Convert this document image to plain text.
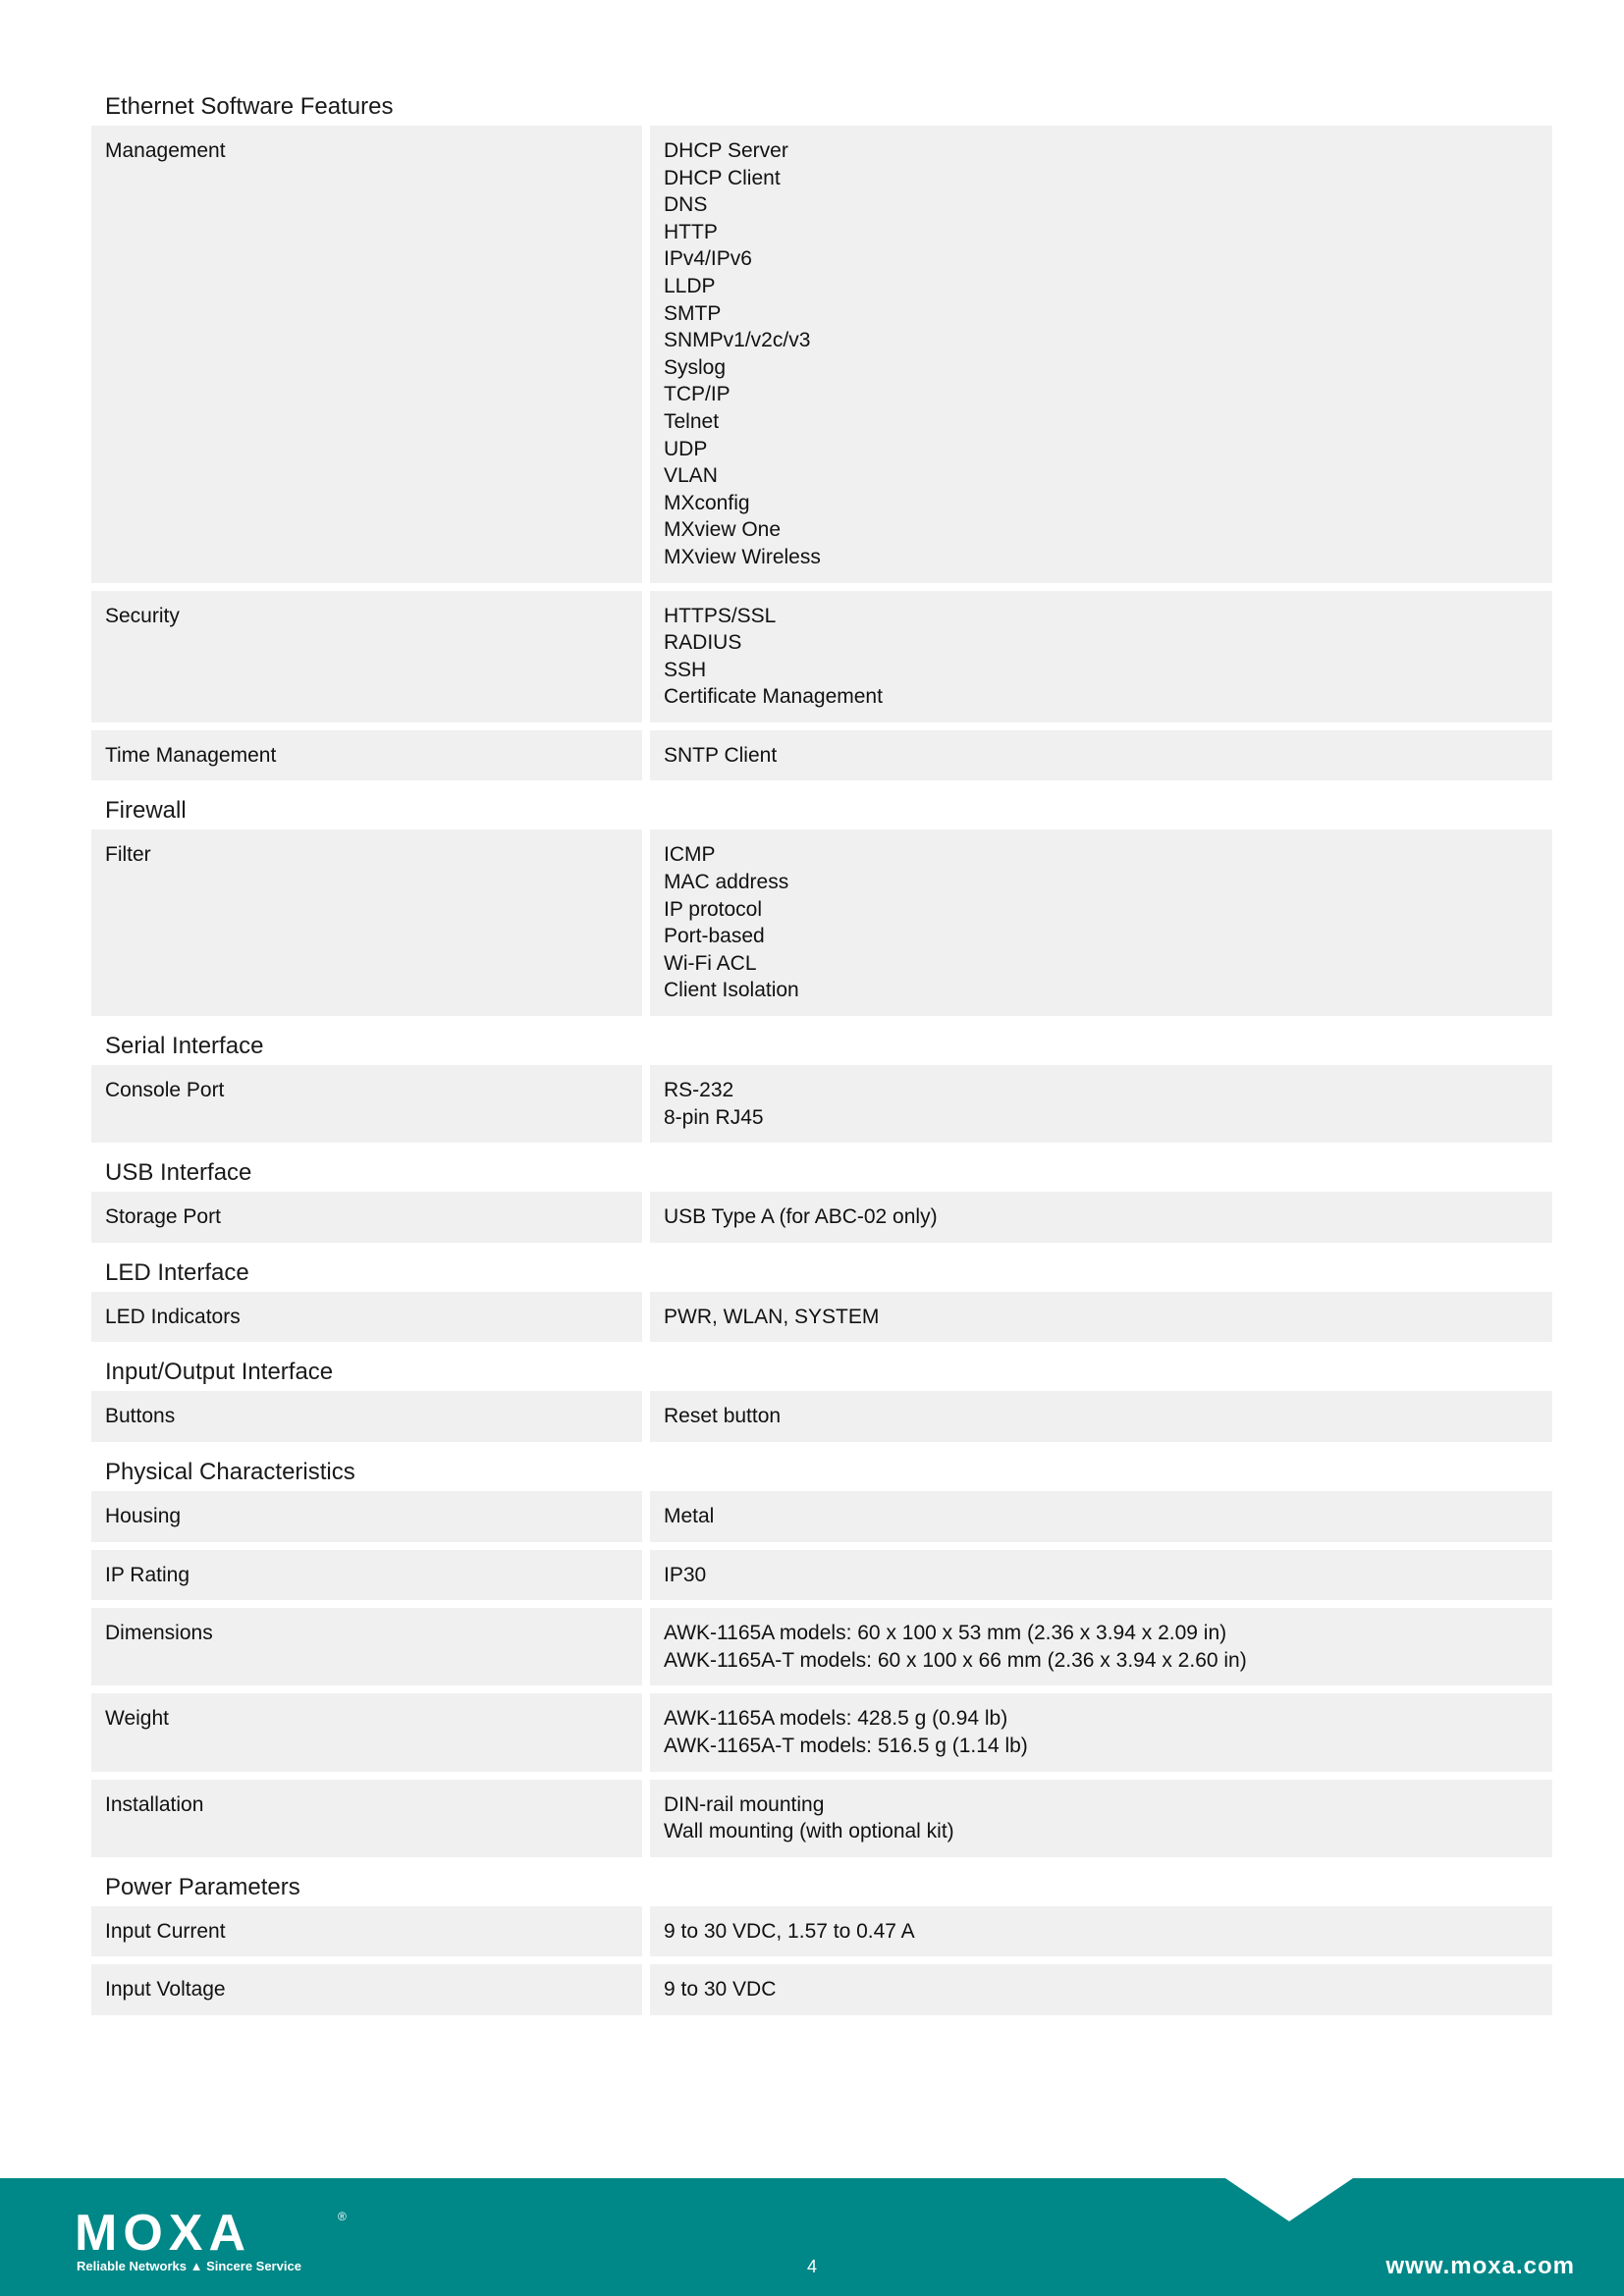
Ethernet Software Features
Management	DHCP Server
DHCP Client
DNS
HTTP
IPv4/IPv6
LLDP
SMTP
SNMPv1/v2c/v3
Syslog
TCP/IP
Telnet
UDP
VLAN
MXconfig
MXview One
MXview Wireless
Security	HTTPS/SSL
RADIUS
SSH
Certificate Management
Time Management	SNTP Client
Firewall
Filter	ICMP
MAC address
IP protocol
Port-based
Wi-Fi ACL
Client Isolation
Serial Interface
Console Port	RS-232
8-pin RJ45
USB Interface
Storage Port	USB Type A (for ABC-02 only)
LED Interface
LED Indicators	PWR, WLAN, SYSTEM
Input/Output Interface
Buttons	Reset button
Physical Characteristics
Housing	Metal
IP Rating	IP30
Dimensions	AWK-1165A models: 60 x 100 x 53 mm (2.36 x 3.94 x 2.09 in)
AWK-1165A-T models: 60 x 100 x 66 mm (2.36 x 3.94 x 2.60 in)
Weight	AWK-1165A models: 428.5 g (0.94 lb)
AWK-1165A-T models: 516.5 g (1.14 lb)
Installation	DIN-rail mounting
Wall mounting (with optional kit)
Power Parameters
Input Current	9 to 30 VDC, 1.57 to 0.47 A
Input Voltage	9 to 30 VDC
MOXA	®
Reliable Networks ▲ Sincere Service	4	www.moxa.com
